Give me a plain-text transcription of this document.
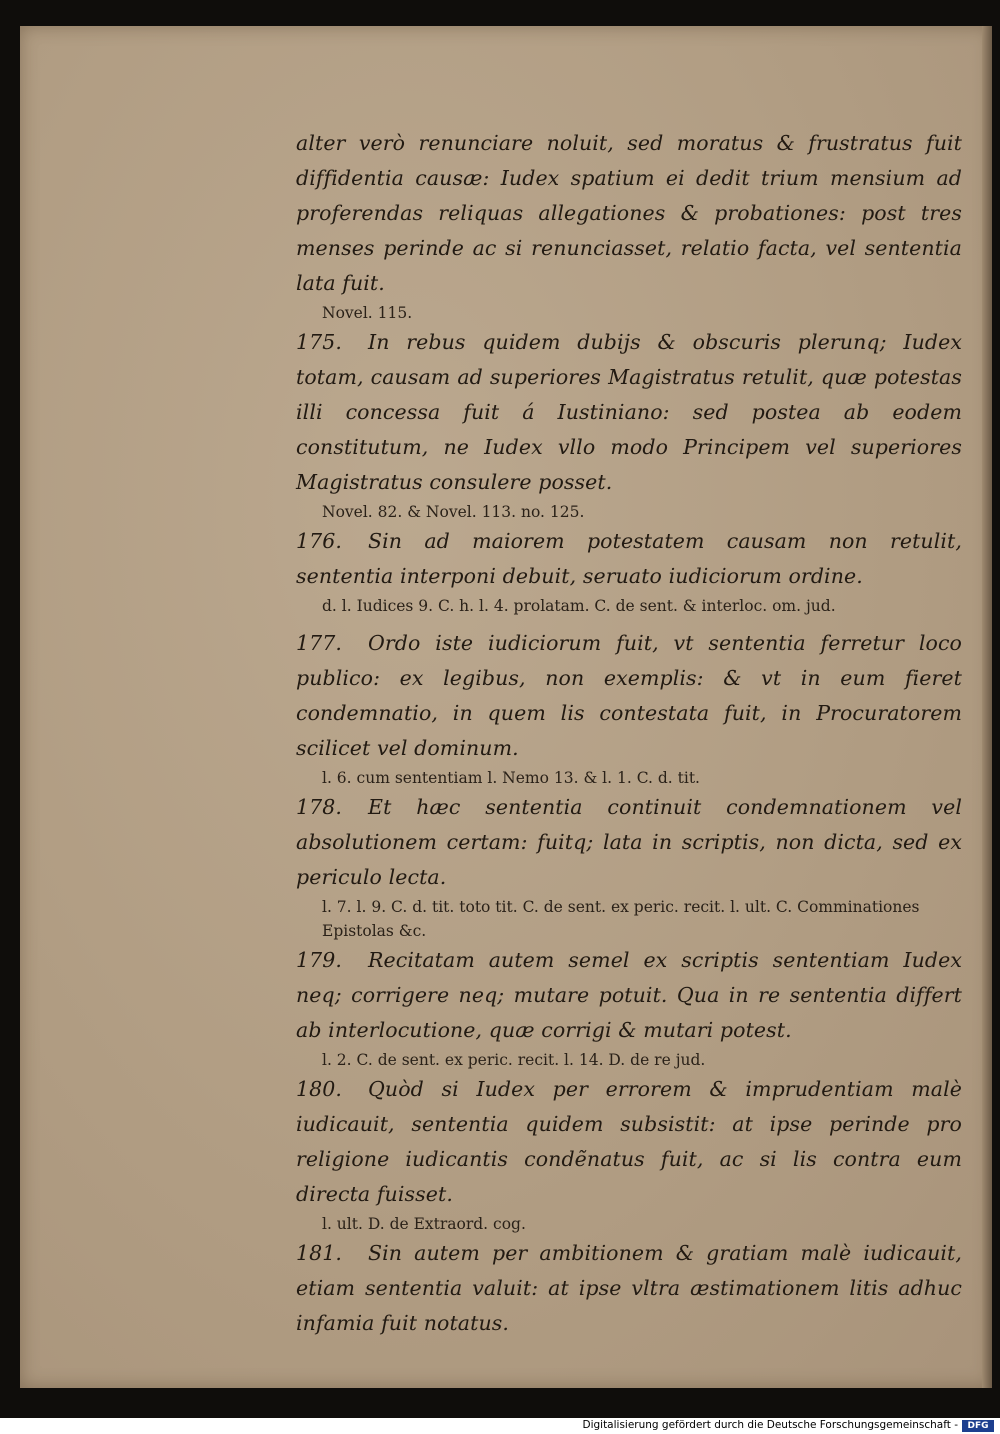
alter verò renunciare noluit, sed moratus & frustratus fuit diffidentia causæ: Iudex spatium ei dedit trium mensium ad proferendas reliquas allegationes & probationes: post tres menses perinde ac si renunciasset, relatio facta, vel sententia lata fuit.

Novel. 115.

175. In rebus quidem dubijs & obscuris plerunq; Iudex totam, causam ad superiores Magistratus retulit, quæ potestas illi concessa fuit á Iustiniano: sed postea ab eodem constitutum, ne Iudex vllo modo Principem vel superiores Magistratus consulere posset.

Novel. 82. & Novel. 113. no. 125.

176. Sin ad maiorem potestatem causam non retulit, sententia interponi debuit, seruato iudiciorum ordine.

d. l. Iudices 9. C. h. l. 4. prolatam. C. de sent. & interloc. om. jud.

177. Ordo iste iudiciorum fuit, vt sententia ferretur loco publico: ex legibus, non exemplis: & vt in eum fieret condemnatio, in quem lis contestata fuit, in Procuratorem scilicet vel dominum.

l. 6. cum sententiam l. Nemo 13. & l. 1. C. d. tit.

178. Et hæc sententia continuit condemnationem vel absolutionem certam: fuitq; lata in scriptis, non dicta, sed ex periculo lecta.

l. 7. l. 9. C. d. tit. toto tit. C. de sent. ex peric. recit. l. ult. C. Comminationes Epistolas &c.

179. Recitatam autem semel ex scriptis sententiam Iudex neq; corrigere neq; mutare potuit. Qua in re sententia differt ab interlocutione, quæ corrigi & mutari potest.

l. 2. C. de sent. ex peric. recit. l. 14. D. de re jud.

180. Quòd si Iudex per errorem & imprudentiam malè iudicauit, sententia quidem subsistit: at ipse perinde pro religione iudicantis condẽnatus fuit, ac si lis contra eum directa fuisset.

l. ult. D. de Extraord. cog.

181. Sin autem per ambitionem & gratiam malè iudicauit, etiam sententia valuit: at ipse vltra æstimationem litis adhuc infamia fuit notatus.

Digitalisierung gefördert durch die Deutsche Forschungsgemeinschaft -	DFG
